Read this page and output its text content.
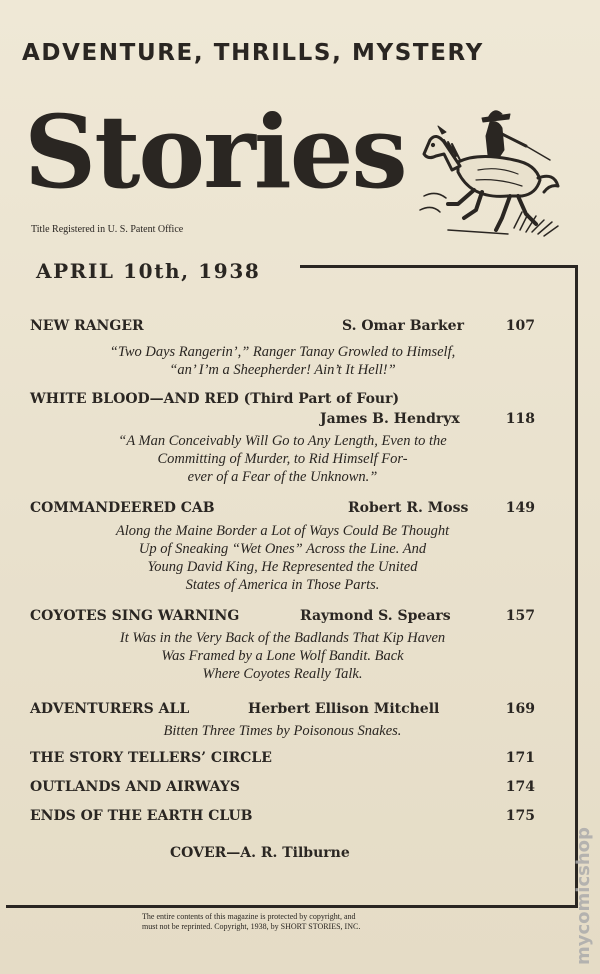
ADVENTURE, THRILLS, MYSTERY
Stories
Title Registered in U. S. Patent Office
APRIL 10th, 1938
NEW RANGER	S. Omar Barker	107
“Two Days Rangerin’,” Ranger Tanay Growled to Himself,
“an’ I’m a Sheepherder! Ain’t It Hell!”
WHITE BLOOD—AND RED (Third Part of Four)
James B. Hendryx	118
“A Man Conceivably Will Go to Any Length, Even to the
Committing of Murder, to Rid Himself For-
ever of a Fear of the Unknown.”
COMMANDEERED CAB	Robert R. Moss	149
Along the Maine Border a Lot of Ways Could Be Thought
Up of Sneaking “Wet Ones” Across the Line. And
Young David King, He Represented the United
States of America in Those Parts.
COYOTES SING WARNING	Raymond S. Spears	157
It Was in the Very Back of the Badlands That Kip Haven
Was Framed by a Lone Wolf Bandit. Back
Where Coyotes Really Talk.
ADVENTURERS ALL	Herbert Ellison Mitchell	169
Bitten Three Times by Poisonous Snakes.
THE STORY TELLERS’ CIRCLE	171
OUTLANDS AND AIRWAYS	174
ENDS OF THE EARTH CLUB	175
COVER—A. R. Tilburne
The entire contents of this magazine is protected by copyright, and
must not be reprinted. Copyright, 1938, by SHORT STORIES, INC.	mycomicshop
